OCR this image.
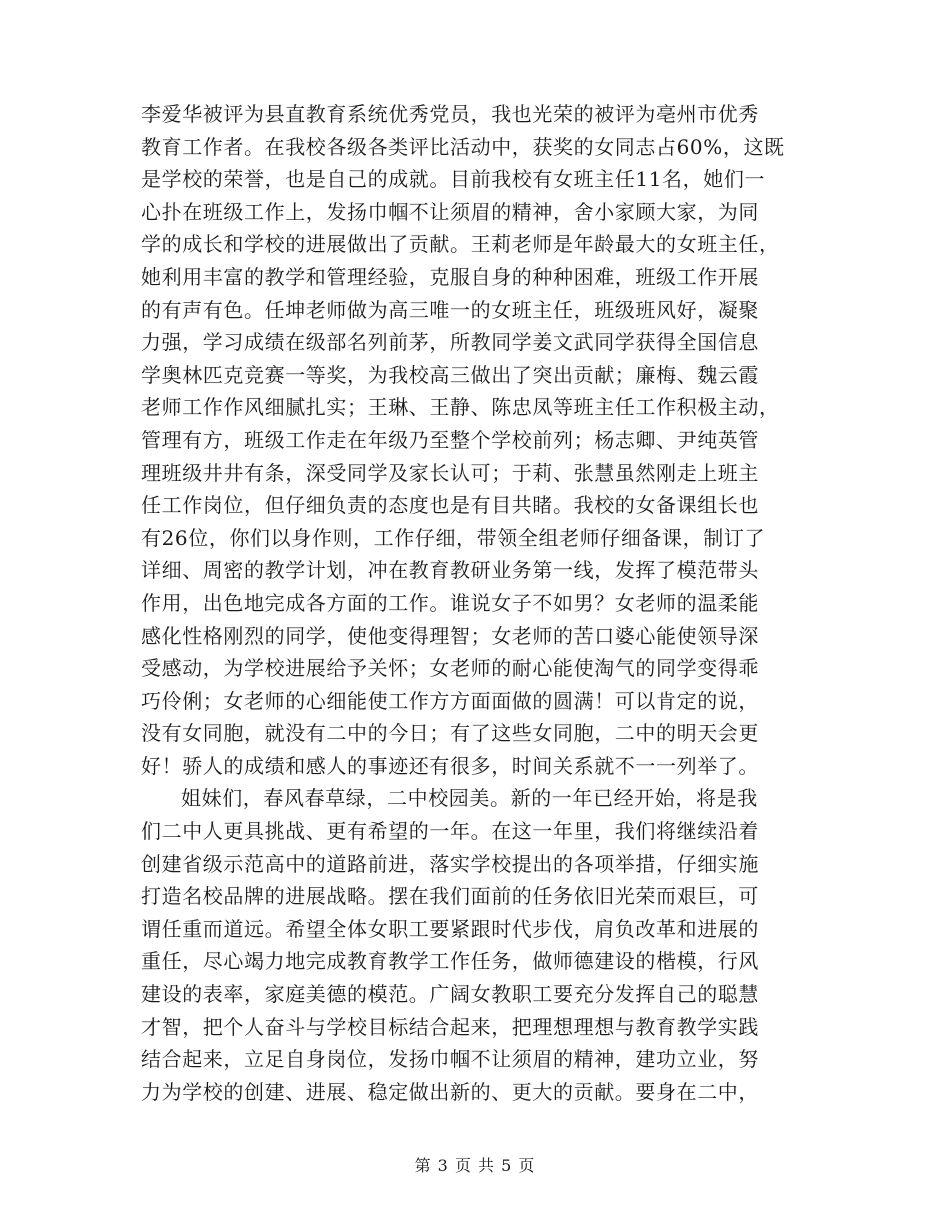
李爱华被评为县直教育系统优秀党员，我也光荣的被评为亳州市优秀
教育工作者。在我校各级各类评比活动中，获奖的女同志占60%，这既
是学校的荣誉，也是自己的成就。目前我校有女班主任11名，她们一
心扑在班级工作上，发扬巾帼不让须眉的精神，舍小家顾大家，为同
学的成长和学校的进展做出了贡献。王莉老师是年龄最大的女班主任，
她利用丰富的教学和管理经验，克服自身的种种困难，班级工作开展
的有声有色。任坤老师做为高三唯一的女班主任，班级班风好，凝聚
力强，学习成绩在级部名列前茅，所教同学姜文武同学获得全国信息
学奥林匹克竞赛一等奖，为我校高三做出了突出贡献；廉梅、魏云霞
老师工作作风细腻扎实；王琳、王静、陈忠凤等班主任工作积极主动，
管理有方，班级工作走在年级乃至整个学校前列；杨志卿、尹纯英管
理班级井井有条，深受同学及家长认可；于莉、张慧虽然刚走上班主
任工作岗位，但仔细负责的态度也是有目共睹。我校的女备课组长也
有26位，你们以身作则，工作仔细，带领全组老师仔细备课，制订了
详细、周密的教学计划，冲在教育教研业务第一线，发挥了模范带头
作用，出色地完成各方面的工作。谁说女子不如男？女老师的温柔能
感化性格刚烈的同学，使他变得理智；女老师的苦口婆心能使领导深
受感动，为学校进展给予关怀；女老师的耐心能使淘气的同学变得乖
巧伶俐；女老师的心细能使工作方方面面做的圆满！可以肯定的说，
没有女同胞，就没有二中的今日；有了这些女同胞，二中的明天会更
好！骄人的成绩和感人的事迹还有很多，时间关系就不一一列举了。
姐妹们，春风春草绿，二中校园美。新的一年已经开始，将是我
们二中人更具挑战、更有希望的一年。在这一年里，我们将继续沿着
创建省级示范高中的道路前进，落实学校提出的各项举措，仔细实施
打造名校品牌的进展战略。摆在我们面前的任务依旧光荣而艰巨，可
谓任重而道远。希望全体女职工要紧跟时代步伐，肩负改革和进展的
重任，尽心竭力地完成教育教学工作任务，做师德建设的楷模，行风
建设的表率，家庭美德的模范。广阔女教职工要充分发挥自己的聪慧
才智，把个人奋斗与学校目标结合起来，把理想理想与教育教学实践
结合起来，立足自身岗位，发扬巾帼不让须眉的精神，建功立业，努
力为学校的创建、进展、稳定做出新的、更大的贡献。要身在二中，
第 3 页 共 5 页
